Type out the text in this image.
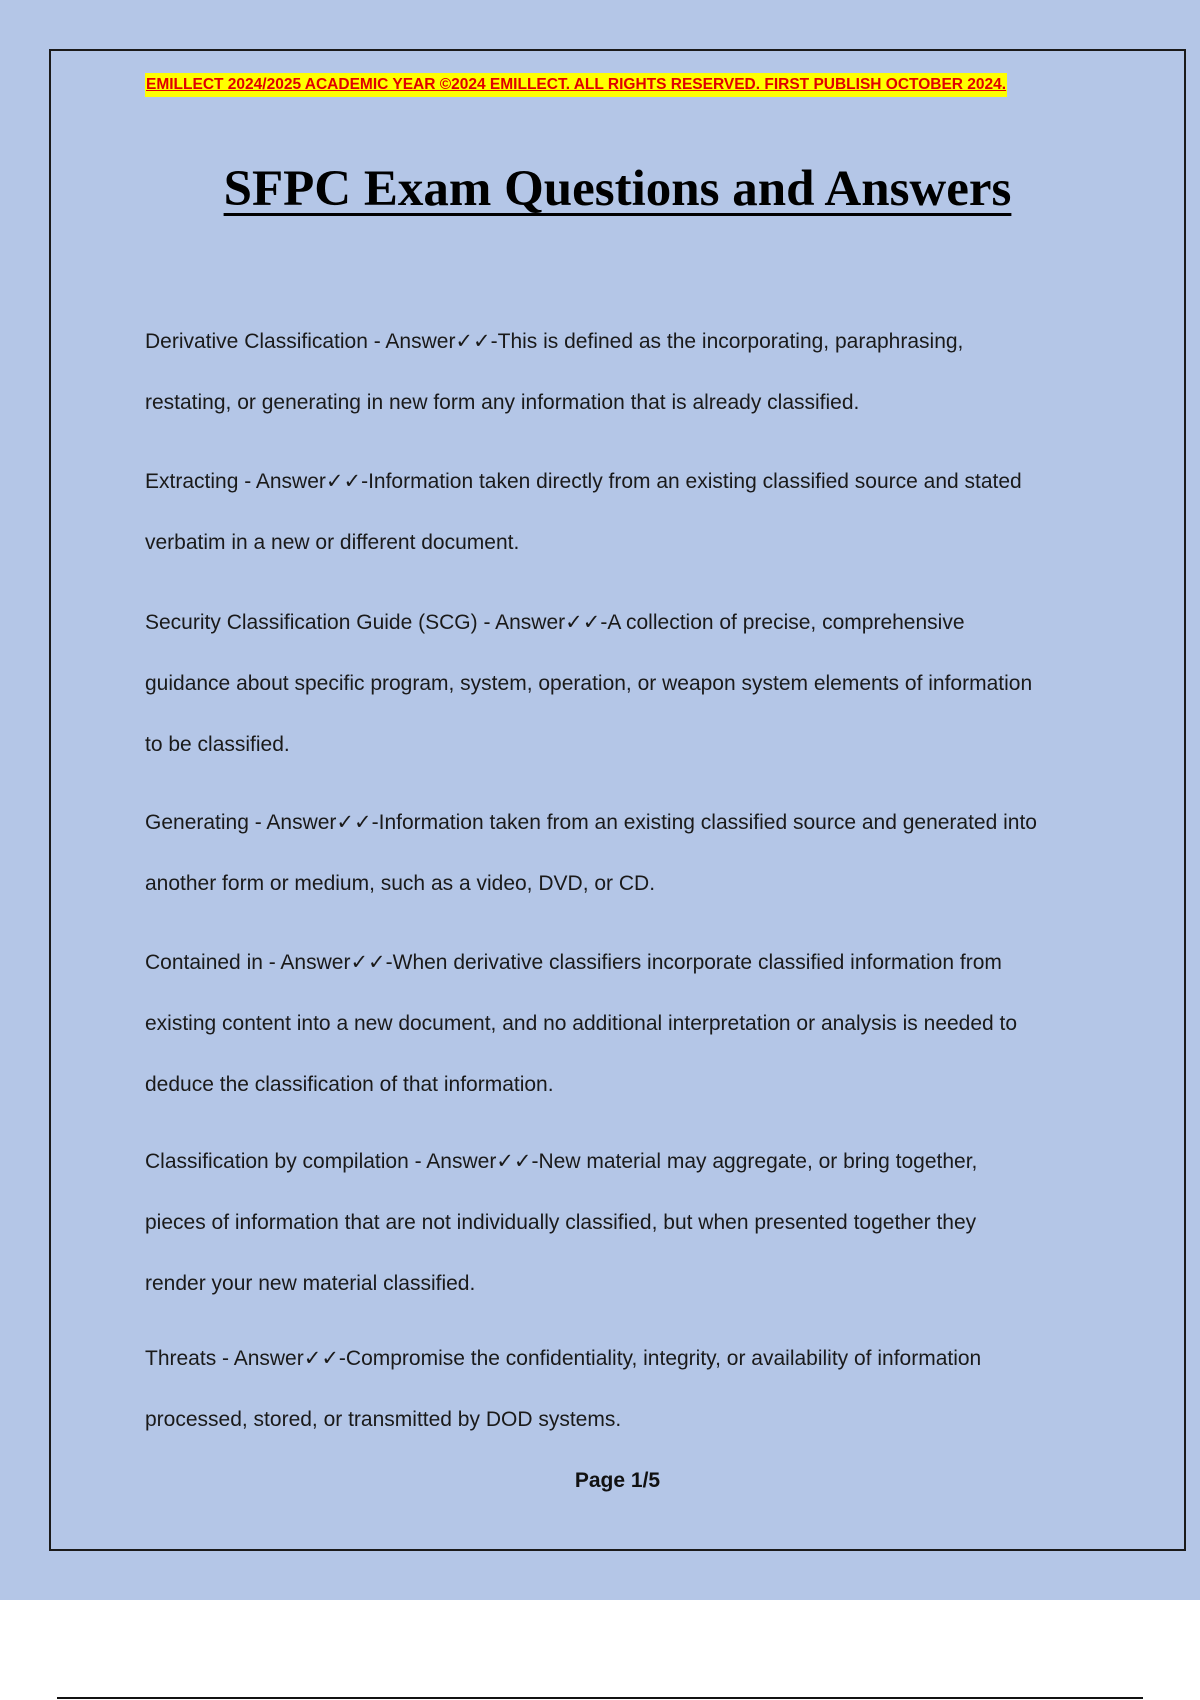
EMILLECT 2024/2025 ACADEMIC YEAR ©2024 EMILLECT. ALL RIGHTS RESERVED. FIRST PUBLISH OCTOBER 2024.
SFPC Exam Questions and Answers
Derivative Classification - Answer✓✓-This is defined as the incorporating, paraphrasing,
restating, or generating in new form any information that is already classified.
Extracting - Answer✓✓-Information taken directly from an existing classified source and stated
verbatim in a new or different document.
Security Classification Guide (SCG) - Answer✓✓-A collection of precise, comprehensive
guidance about specific program, system, operation, or weapon system elements of information
to be classified.
Generating - Answer✓✓-Information taken from an existing classified source and generated into
another form or medium, such as a video, DVD, or CD.
Contained in - Answer✓✓-When derivative classifiers incorporate classified information from
existing content into a new document, and no additional interpretation or analysis is needed to
deduce the classification of that information.
Classification by compilation - Answer✓✓-New material may aggregate, or bring together,
pieces of information that are not individually classified, but when presented together they
render your new material classified.
Threats - Answer✓✓-Compromise the confidentiality, integrity, or availability of information
processed, stored, or transmitted by DOD systems.
Page 1/5
